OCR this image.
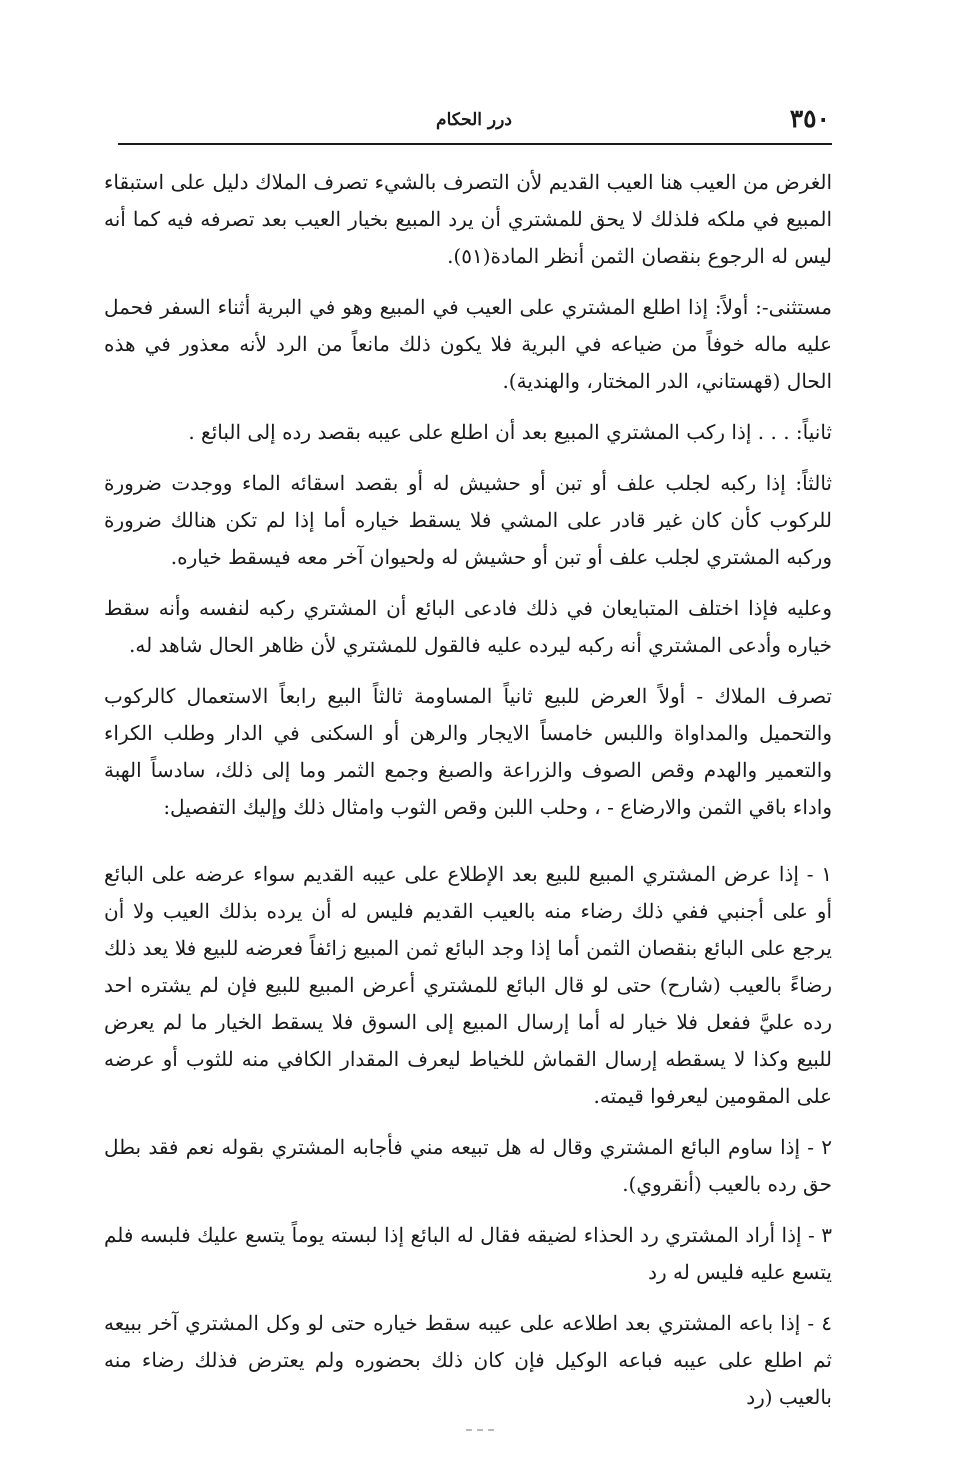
٣٥٠
درر الحكام

الغرض من العيب هنا العيب القديم لأن التصرف بالشيء تصرف الملاك دليل على استبقاء المبيع في ملكه فلذلك لا يحق للمشتري أن يرد المبيع بخيار العيب بعد تصرفه فيه كما أنه ليس له الرجوع بنقصان الثمن أنظر المادة(٥١).

مستثنى-: أولاً: إذا اطلع المشتري على العيب في المبيع وهو في البرية أثناء السفر فحمل عليه ماله خوفاً من ضياعه في البرية فلا يكون ذلك مانعاً من الرد لأنه معذور في هذه الحال (قهستاني، الدر المختار، والهندية).

ثانياً: . . . إذا ركب المشتري المبيع بعد أن اطلع على عيبه بقصد رده إلى البائع .

ثالثاً: إذا ركبه لجلب علف أو تبن أو حشيش له أو بقصد اسقائه الماء ووجدت ضرورة للركوب كأن كان غير قادر على المشي فلا يسقط خياره أما إذا لم تكن هنالك ضرورة وركبه المشتري لجلب علف أو تبن أو حشيش له ولحيوان آخر معه فيسقط خياره.

وعليه فإذا اختلف المتبايعان في ذلك فادعى البائع أن المشتري ركبه لنفسه وأنه سقط خياره وأدعى المشتري أنه ركبه ليرده عليه فالقول للمشتري لأن ظاهر الحال شاهد له.

تصرف الملاك - أولاً العرض للبيع ثانياً المساومة ثالثاً البيع رابعاً الاستعمال كالركوب والتحميل والمداواة واللبس خامساً الايجار والرهن أو السكنى في الدار وطلب الكراء والتعمير والهدم وقص الصوف والزراعة والصبغ وجمع الثمر وما إلى ذلك، سادساً الهبة واداء باقي الثمن والارضاع - ، وحلب اللبن وقص الثوب وامثال ذلك وإليك التفصيل:

١ - إذا عرض المشتري المبيع للبيع بعد الإطلاع على عيبه القديم سواء عرضه على البائع أو على أجنبي ففي ذلك رضاء منه بالعيب القديم فليس له أن يرده بذلك العيب ولا أن يرجع على البائع بنقصان الثمن أما إذا وجد البائع ثمن المبيع زائفاً فعرضه للبيع فلا يعد ذلك رضاءً بالعيب (شارح) حتى لو قال البائع للمشتري أعرض المبيع للبيع فإن لم يشتره احد رده عليَّ ففعل فلا خيار له أما إرسال المبيع إلى السوق فلا يسقط الخيار ما لم يعرض للبيع وكذا لا يسقطه إرسال القماش للخياط ليعرف المقدار الكافي منه للثوب أو عرضه على المقومين ليعرفوا قيمته.

٢ - إذا ساوم البائع المشتري وقال له هل تبيعه مني فأجابه المشتري بقوله نعم فقد بطل حق رده بالعيب (أنقروي).

٣ - إذا أراد المشتري رد الحذاء لضيقه فقال له البائع إذا لبسته يوماً يتسع عليك فلبسه فلم يتسع عليه فليس له رد

٤ - إذا باعه المشتري بعد اطلاعه على عيبه سقط خياره حتى لو وكل المشتري آخر ببيعه ثم اطلع على عيبه فباعه الوكيل فإن كان ذلك بحضوره ولم يعترض فذلك رضاء منه بالعيب (رد
